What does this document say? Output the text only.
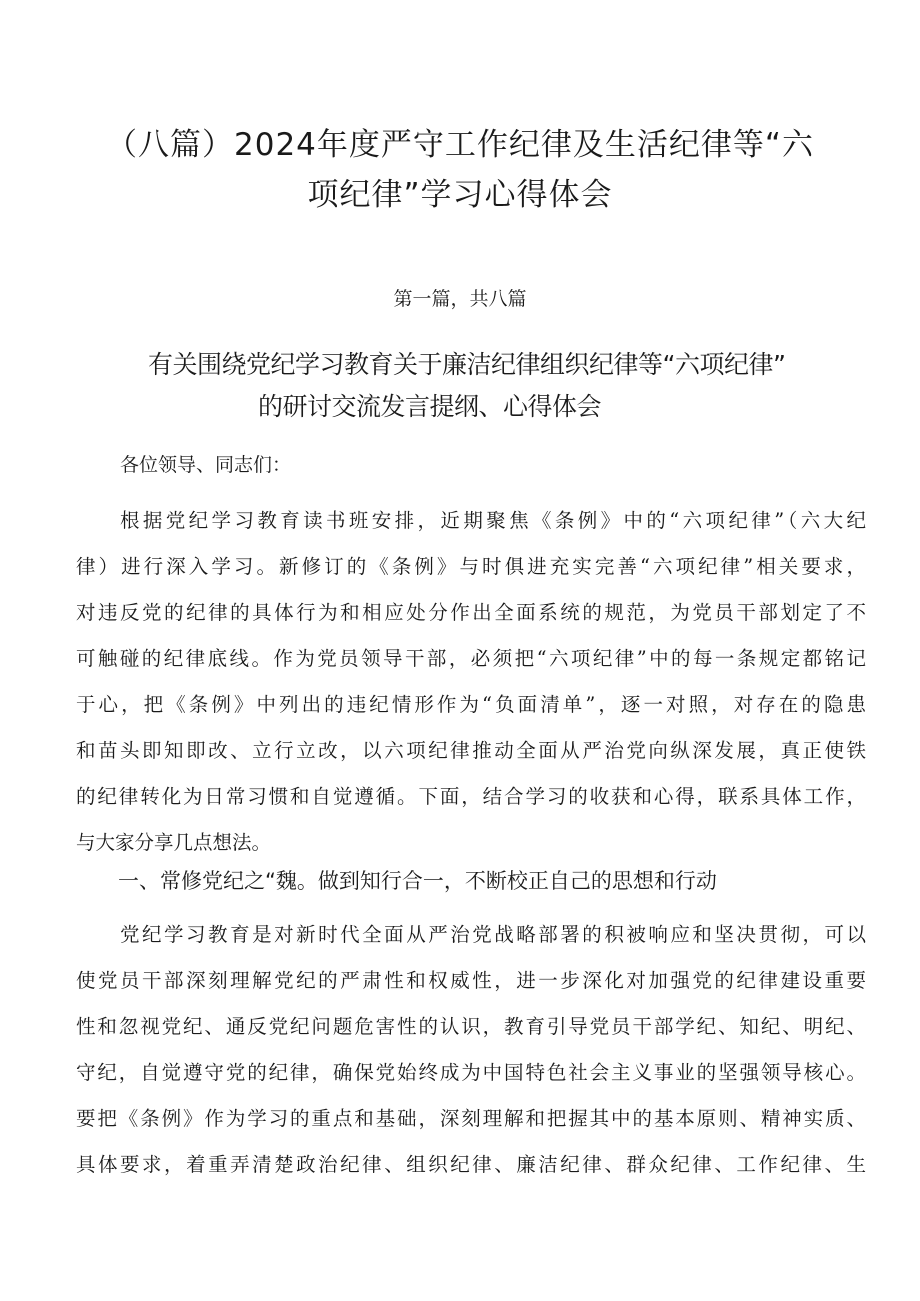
（八篇）2024年度严守工作纪律及生活纪律等“六
项纪律”学习心得体会

第一篇，共八篇

有关围绕党纪学习教育关于廉洁纪律组织纪律等“六项纪律”
的研讨交流发言提纲、心得体会

各位领导、同志们：

根据党纪学习教育读书班安排，近期聚焦《条例》中的“六项纪律”（六大纪
律）进行深入学习。新修订的《条例》与时俱进充实完善“六项纪律”相关要求，
对违反党的纪律的具体行为和相应处分作出全面系统的规范，为党员干部划定了不
可触碰的纪律底线。作为党员领导干部，必须把“六项纪律”中的每一条规定都铭记
于心，把《条例》中列出的违纪情形作为“负面清单”，逐一对照，对存在的隐患
和苗头即知即改、立行立改，以六项纪律推动全面从严治党向纵深发展，真正使铁
的纪律转化为日常习惯和自觉遵循。下面，结合学习的收获和心得，联系具体工作，
与大家分享几点想法。
一、常修党纪之“魏。做到知行合一，不断校正自己的思想和行动
党纪学习教育是对新时代全面从严治党战略部署的积被响应和坚决贯彻，可以
使党员干部深刻理解党纪的严肃性和权威性，进一步深化对加强党的纪律建设重要
性和忽视党纪、通反党纪问题危害性的认识，教育引导党员干部学纪、知纪、明纪、
守纪，自觉遵守党的纪律，确保党始终成为中国特色社会主义事业的坚强领导核心。
要把《条例》作为学习的重点和基础，深刻理解和把握其中的基本原则、精神实质、
具体要求，着重弄清楚政治纪律、组织纪律、廉洁纪律、群众纪律、工作纪律、生
